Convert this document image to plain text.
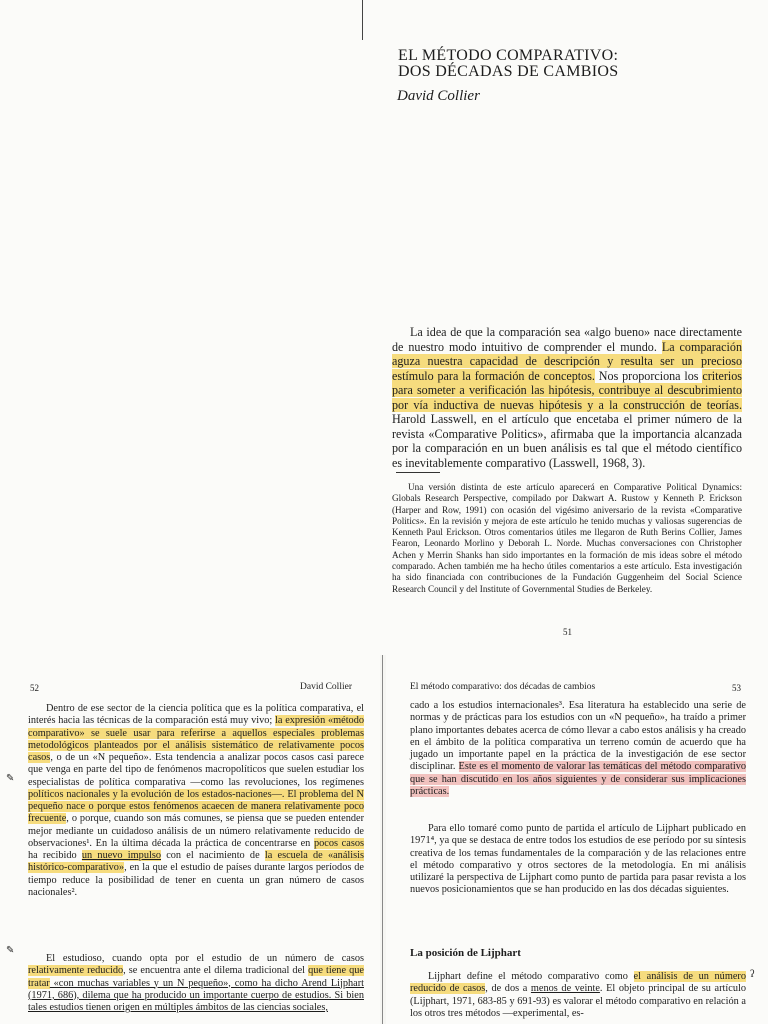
EL MÉTODO COMPARATIVO:
DOS DÉCADAS DE CAMBIOS

David Collier

La idea de que la comparación sea «algo bueno» nace directamente de nuestro modo intuitivo de comprender el mundo. La comparación aguza nuestra capacidad de descripción y resulta ser un precioso estímulo para la formación de conceptos. Nos proporciona los criterios para someter a verificación las hipótesis, contribuye al descubrimiento por vía inductiva de nuevas hipótesis y a la construcción de teorías. Harold Lasswell, en el artículo que encetaba el primer número de la revista «Comparative Politics», afirmaba que la importancia alcanzada por la comparación en un buen análisis es tal que el método científico es inevitablemente comparativo (Lasswell, 1968, 3).

Una versión distinta de este artículo aparecerá en Comparative Political Dynamics: Globals Research Perspective, compilado por Dakwart A. Rustow y Kenneth P. Erickson (Harper and Row, 1991) con ocasión del vigésimo aniversario de la revista «Comparative Politics». En la revisión y mejora de este artículo he tenido muchas y valiosas sugerencias de Kenneth Paul Erickson. Otros comentarios útiles me llegaron de Ruth Berins Collier, James Fearon, Leonardo Morlino y Deborah L. Norde. Muchas conversaciones con Christopher Achen y Merrin Shanks han sido importantes en la formación de mis ideas sobre el método comparado. Achen también me ha hecho útiles comentarios a este artículo. Esta investigación ha sido financiada con contribuciones de la Fundación Guggenheim del Social Science Research Council y del Institute of Governmental Studies de Berkeley.

51
52	David Collier

Dentro de ese sector de la ciencia política que es la política comparativa, el interés hacia las técnicas de la comparación está muy vivo; la expresión «método comparativo» se suele usar para referirse a aquellos especiales problemas metodológicos planteados por el análisis sistemático de relativamente pocos casos, o de un «N pequeño». Esta tendencia a analizar pocos casos casi parece que venga en parte del tipo de fenómenos macropolíticos que suelen estudiar los especialistas de política comparativa —como las revoluciones, los regímenes políticos nacionales y la evolución de los estados-naciones—. El problema del N pequeño nace o porque estos fenómenos acaecen de manera relativamente poco frecuente, o porque, cuando son más comunes, se piensa que se pueden entender mejor mediante un cuidadoso análisis de un número relativamente reducido de observaciones¹. En la última década la práctica de concentrarse en pocos casos ha recibido un nuevo impulso con el nacimiento de la escuela de «análisis histórico-comparativo», en la que el estudio de países durante largos períodos de tiempo reduce la posibilidad de tener en cuenta un gran número de casos nacionales².

El estudioso, cuando opta por el estudio de un número de casos relativamente reducido, se encuentra ante el dilema tradicional del que tiene que tratar «con muchas variables y un N pequeño», como ha dicho Arend Lijphart (1971, 686), dilema que ha producido un importante cuerpo de estudios. Si bien tales estudios tienen origen en múltiples ámbitos de las ciencias sociales,

✎
✎
El método comparativo: dos décadas de cambios	53

cado a los estudios internacionales³. Esa literatura ha establecido una serie de normas y de prácticas para los estudios con un «N pequeño», ha traído a primer plano importantes debates acerca de cómo llevar a cabo estos análisis y ha creado en el ámbito de la política comparativa un terreno común de acuerdo que ha jugado un importante papel en la práctica de la investigación de ese sector disciplinar. Este es el momento de valorar las temáticas del método comparativo que se han discutido en los años siguientes y de considerar sus implicaciones prácticas.

Para ello tomaré como punto de partida el artículo de Lijphart publicado en 1971⁴, ya que se destaca de entre todos los estudios de ese período por su síntesis creativa de los temas fundamentales de la comparación y de las relaciones entre el método comparativo y otros sectores de la metodología. En mi análisis utilizaré la perspectiva de Lijphart como punto de partida para pasar revista a los nuevos posicionamientos que se han producido en las dos décadas siguientes.

La posición de Lijphart

Lijphart define el método comparativo como el análisis de un número reducido de casos, de dos a menos de veinte. El objeto principal de su artículo (Lijphart, 1971, 683-85 y 691-93) es valorar el método comparativo en relación a los otros tres métodos —experimental, es-

ʔ
